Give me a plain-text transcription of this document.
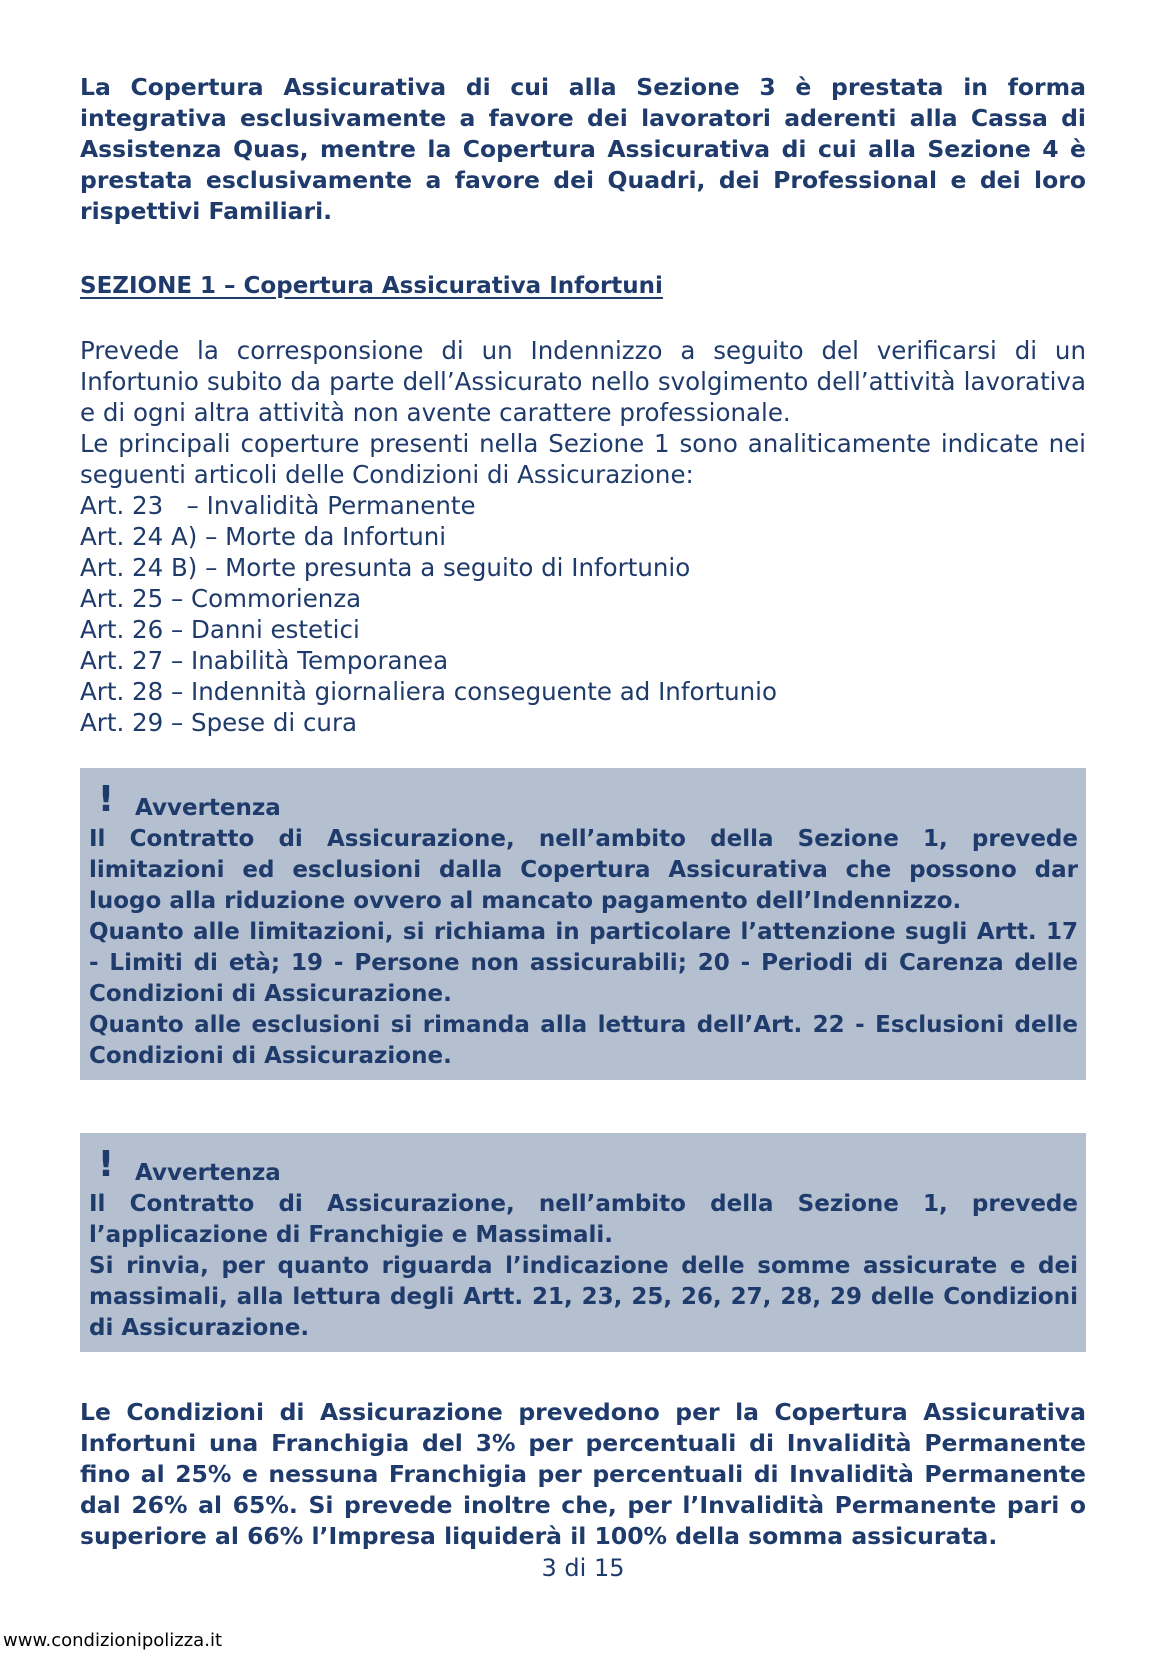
La Copertura Assicurativa di cui alla Sezione 3 è prestata in forma integrativa esclusivamente a favore dei lavoratori aderenti alla Cassa di Assistenza Quas, mentre la Copertura Assicurativa di cui alla Sezione 4 è prestata esclusivamente a favore dei Quadri, dei Professional e dei loro rispettivi Familiari.

SEZIONE 1 – Copertura Assicurativa Infortuni

Prevede la corresponsione di un Indennizzo a seguito del verificarsi di un Infortunio subito da parte dell’Assicurato nello svolgimento dell’attività lavorativa e di ogni altra attività non avente carattere professionale.

Le principali coperture presenti nella Sezione 1 sono analiticamente indicate nei seguenti articoli delle Condizioni di Assicurazione:

Art. 23   – Invalidità Permanente
Art. 24 A) – Morte da Infortuni
Art. 24 B) – Morte presunta a seguito di Infortunio
Art. 25 – Commorienza
Art. 26 – Danni estetici
Art. 27 – Inabilità Temporanea
Art. 28 – Indennità giornaliera conseguente ad Infortunio
Art. 29 – Spese di cura
! Avvertenza

Il Contratto di Assicurazione, nell’ambito della Sezione 1, prevede limitazioni ed esclusioni dalla Copertura Assicurativa che possono dar luogo alla riduzione ovvero al mancato pagamento dell’Indennizzo.

Quanto alle limitazioni, si richiama in particolare l’attenzione sugli Artt. 17 - Limiti di età; 19 - Persone non assicurabili; 20 - Periodi di Carenza delle Condizioni di Assicurazione.

Quanto alle esclusioni si rimanda alla lettura dell’Art. 22 - Esclusioni delle Condizioni di Assicurazione.

! Avvertenza

Il Contratto di Assicurazione, nell’ambito della Sezione 1, prevede l’applicazione di Franchigie e Massimali.

Si rinvia, per quanto riguarda l’indicazione delle somme assicurate e dei massimali, alla lettura degli Artt. 21, 23, 25, 26, 27, 28, 29 delle Condizioni di Assicurazione.

Le Condizioni di Assicurazione prevedono per la Copertura Assicurativa Infortuni una Franchigia del 3% per percentuali di Invalidità Permanente fino al 25% e nessuna Franchigia per percentuali di Invalidità Permanente dal 26% al 65%. Si prevede inoltre che, per l’Invalidità Permanente pari o superiore al 66% l’Impresa liquiderà il 100% della somma assicurata.

3 di 15
www.condizionipolizza.it
